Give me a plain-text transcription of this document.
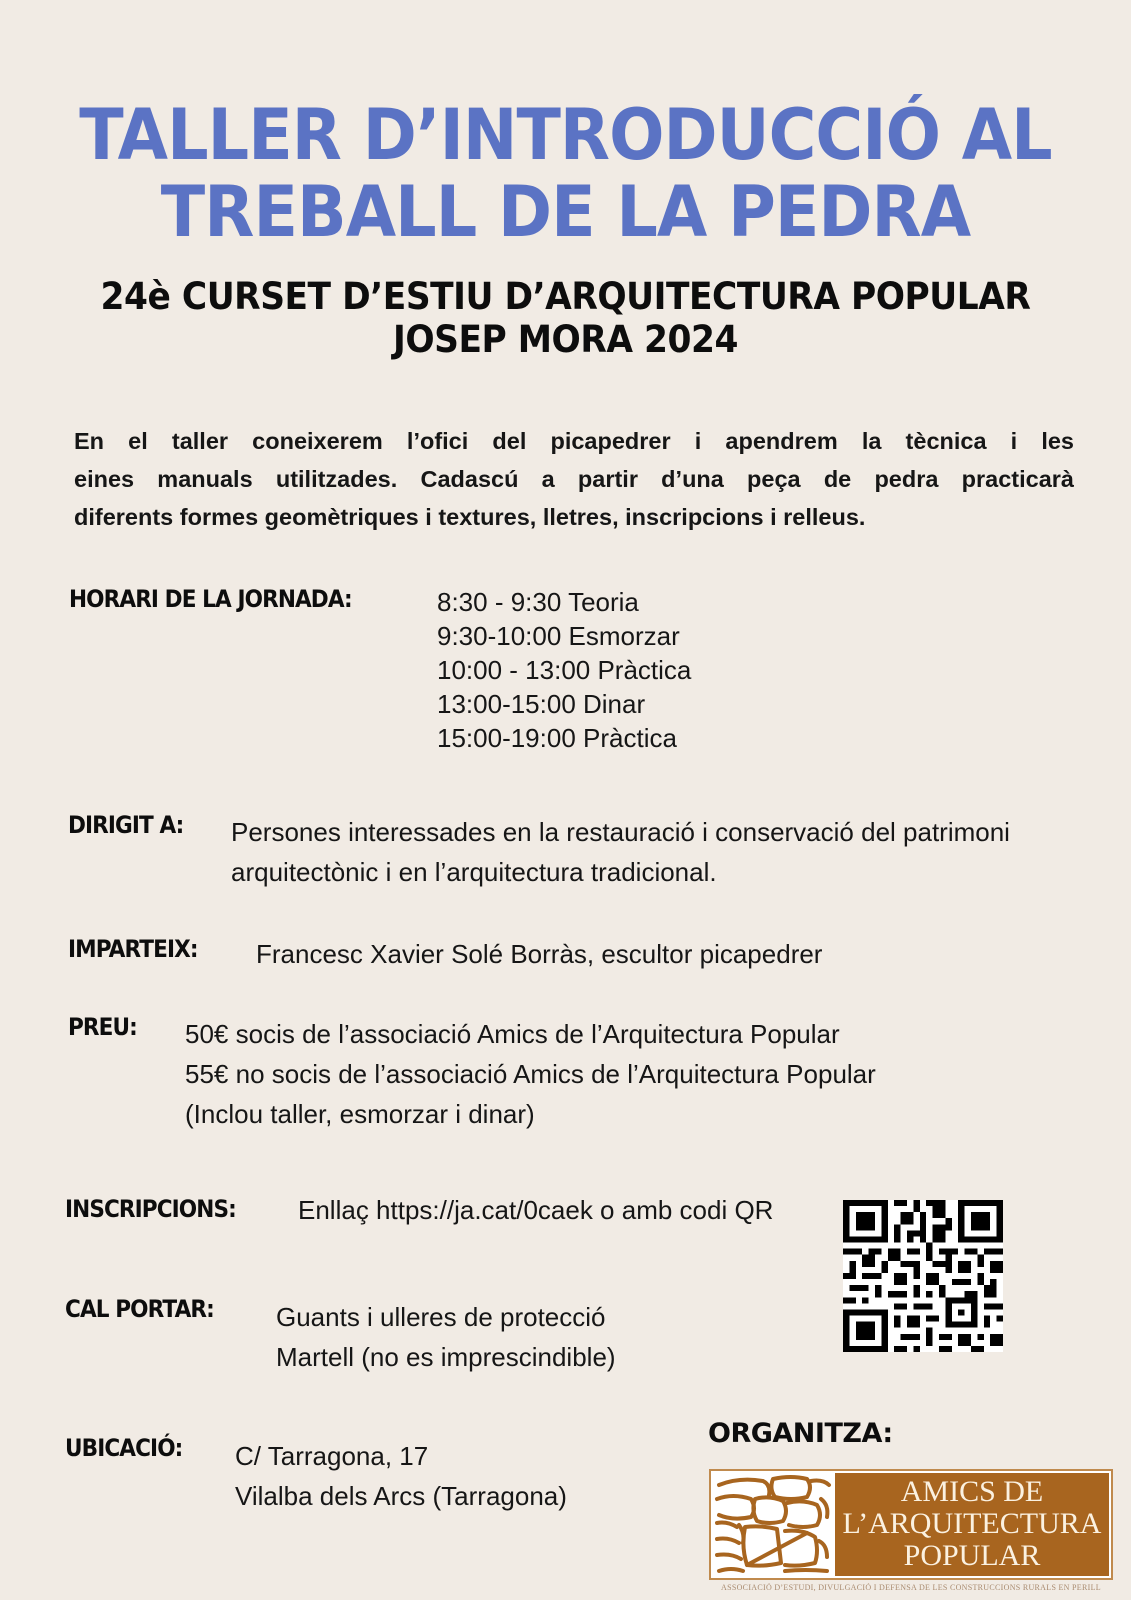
TALLER D’INTRODUCCIÓ AL
TREBALL DE LA PEDRA
24è CURSET D’ESTIU D’ARQUITECTURA POPULAR
JOSEP MORA 2024
En el taller coneixerem l’ofici del picapedrer i apendrem la tècnica i les
eines manuals utilitzades. Cadascú a partir d’una peça de pedra practicarà
diferents formes geomètriques i textures, lletres, inscripcions i relleus.
HORARI DE LA JORNADA:	8:30 - 9:30 Teoria
9:30-10:00 Esmorzar
10:00 - 13:00 Pràctica
13:00-15:00 Dinar
15:00-19:00 Pràctica
DIRIGIT A: Persones interessades en la restauració i conservació del patrimoni
arquitectònic i en l’arquitectura tradicional.
IMPARTEIX: Francesc Xavier Solé Borràs, escultor picapedrer
PREU: 50€ socis de l’associació Amics de l’Arquitectura Popular
55€ no socis de l’associació Amics de l’Arquitectura Popular
(Inclou taller, esmorzar i dinar)
INSCRIPCIONS: Enllaç https://ja.cat/0caek o amb codi QR
CAL PORTAR: Guants i ulleres de protecció
Martell (no es imprescindible)
UBICACIÓ: C/ Tarragona, 17
Vilalba dels Arcs (Tarragona)
ORGANITZA:
AMICS DE
L’ARQUITECTURA
POPULAR
ASSOCIACIÓ D’ESTUDI, DIVULGACIÓ I DEFENSA DE LES CONSTRUCCIONS RURALS EN PERILL
